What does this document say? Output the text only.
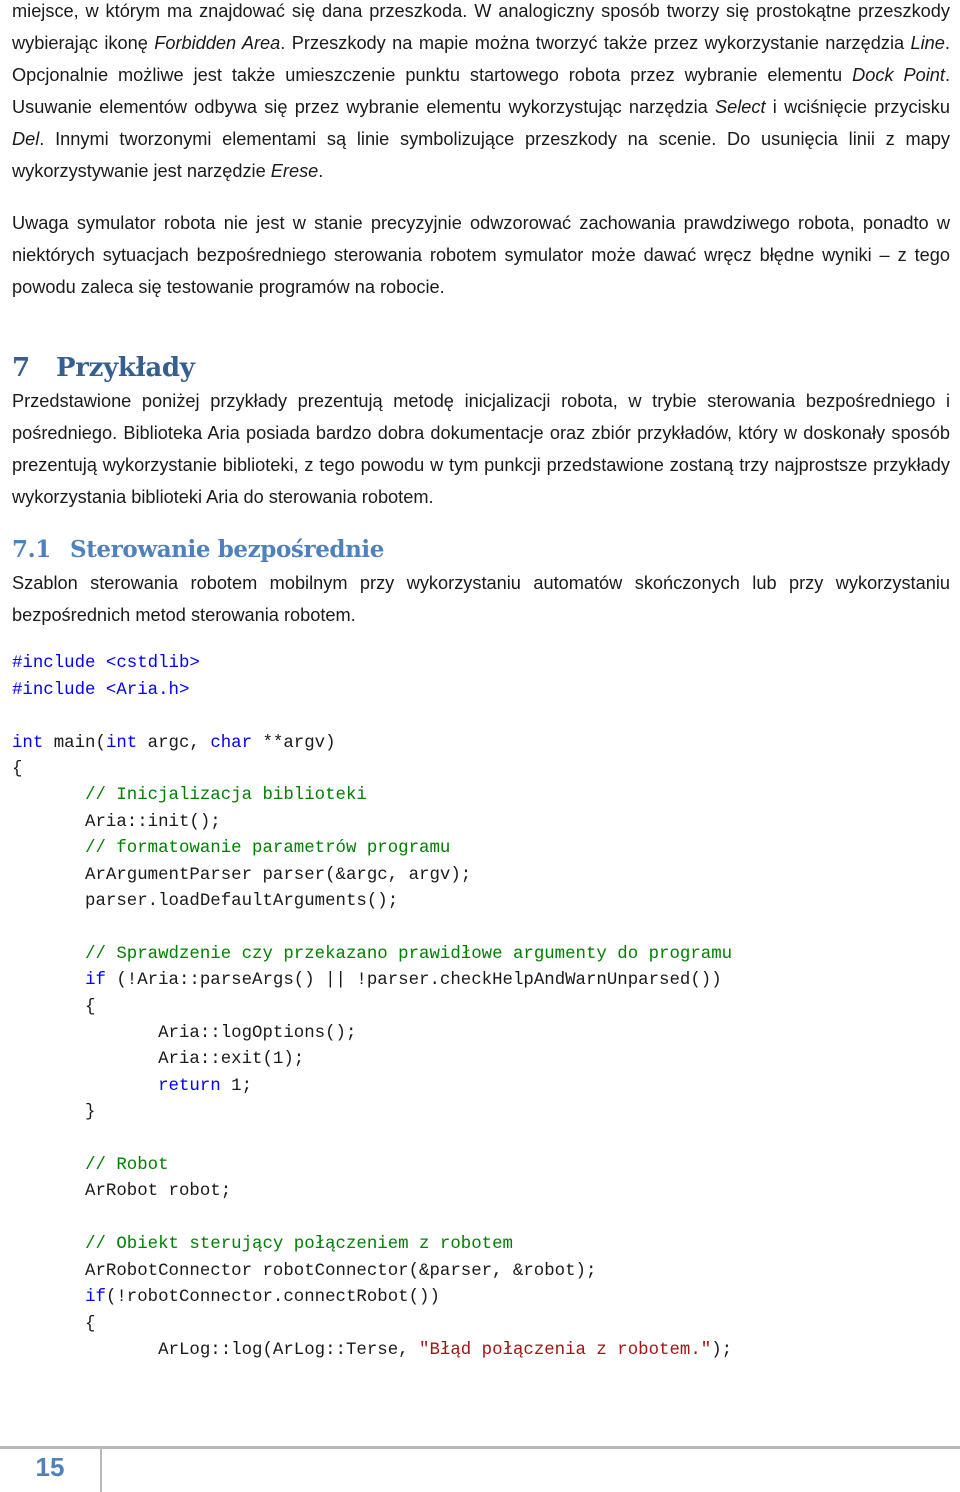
miejsce, w którym ma znajdować się dana przeszkoda. W analogiczny sposób tworzy się prostokątne przeszkody wybierając ikonę Forbidden Area. Przeszkody na mapie można tworzyć także przez wykorzystanie narzędzia Line. Opcjonalnie możliwe jest także umieszczenie punktu startowego robota przez wybranie elementu Dock Point. Usuwanie elementów odbywa się przez wybranie elementu wykorzystując narzędzia Select i wciśnięcie przycisku Del. Innymi tworzonymi elementami są linie symbolizujące przeszkody na scenie. Do usunięcia linii z mapy wykorzystywanie jest narzędzie Erese.

Uwaga symulator robota nie jest w stanie precyzyjnie odwzorować zachowania prawdziwego robota, ponadto w niektórych sytuacjach bezpośredniego sterowania robotem symulator może dawać wręcz błędne wyniki – z tego powodu zaleca się testowanie programów na robocie.

7 Przykłady

Przedstawione poniżej przykłady prezentują metodę inicjalizacji robota, w trybie sterowania bezpośredniego i pośredniego. Biblioteka Aria posiada bardzo dobra dokumentacje oraz zbiór przykładów, który w doskonały sposób prezentują wykorzystanie biblioteki, z tego powodu w tym punkcji przedstawione zostaną trzy najprostsze przykłady wykorzystania biblioteki Aria do sterowania robotem.

7.1 Sterowanie bezpośrednie

Szablon sterowania robotem mobilnym przy wykorzystaniu automatów skończonych lub przy wykorzystaniu bezpośrednich metod sterowania robotem.

#include <cstdlib>
#include <Aria.h>
int main(int argc, char **argv)
{
// Inicjalizacja biblioteki
Aria::init();
// formatowanie parametrów programu
ArArgumentParser parser(&argc, argv);
parser.loadDefaultArguments();
// Sprawdzenie czy przekazano prawidłowe argumenty do programu
if (!Aria::parseArgs() || !parser.checkHelpAndWarnUnparsed())
{
Aria::logOptions();
Aria::exit(1);
return 1;
}
// Robot
ArRobot robot;
// Obiekt sterujący połączeniem z robotem
ArRobotConnector robotConnector(&parser, &robot);
if(!robotConnector.connectRobot())
{
ArLog::log(ArLog::Terse, "Błąd połączenia z robotem.");
15
